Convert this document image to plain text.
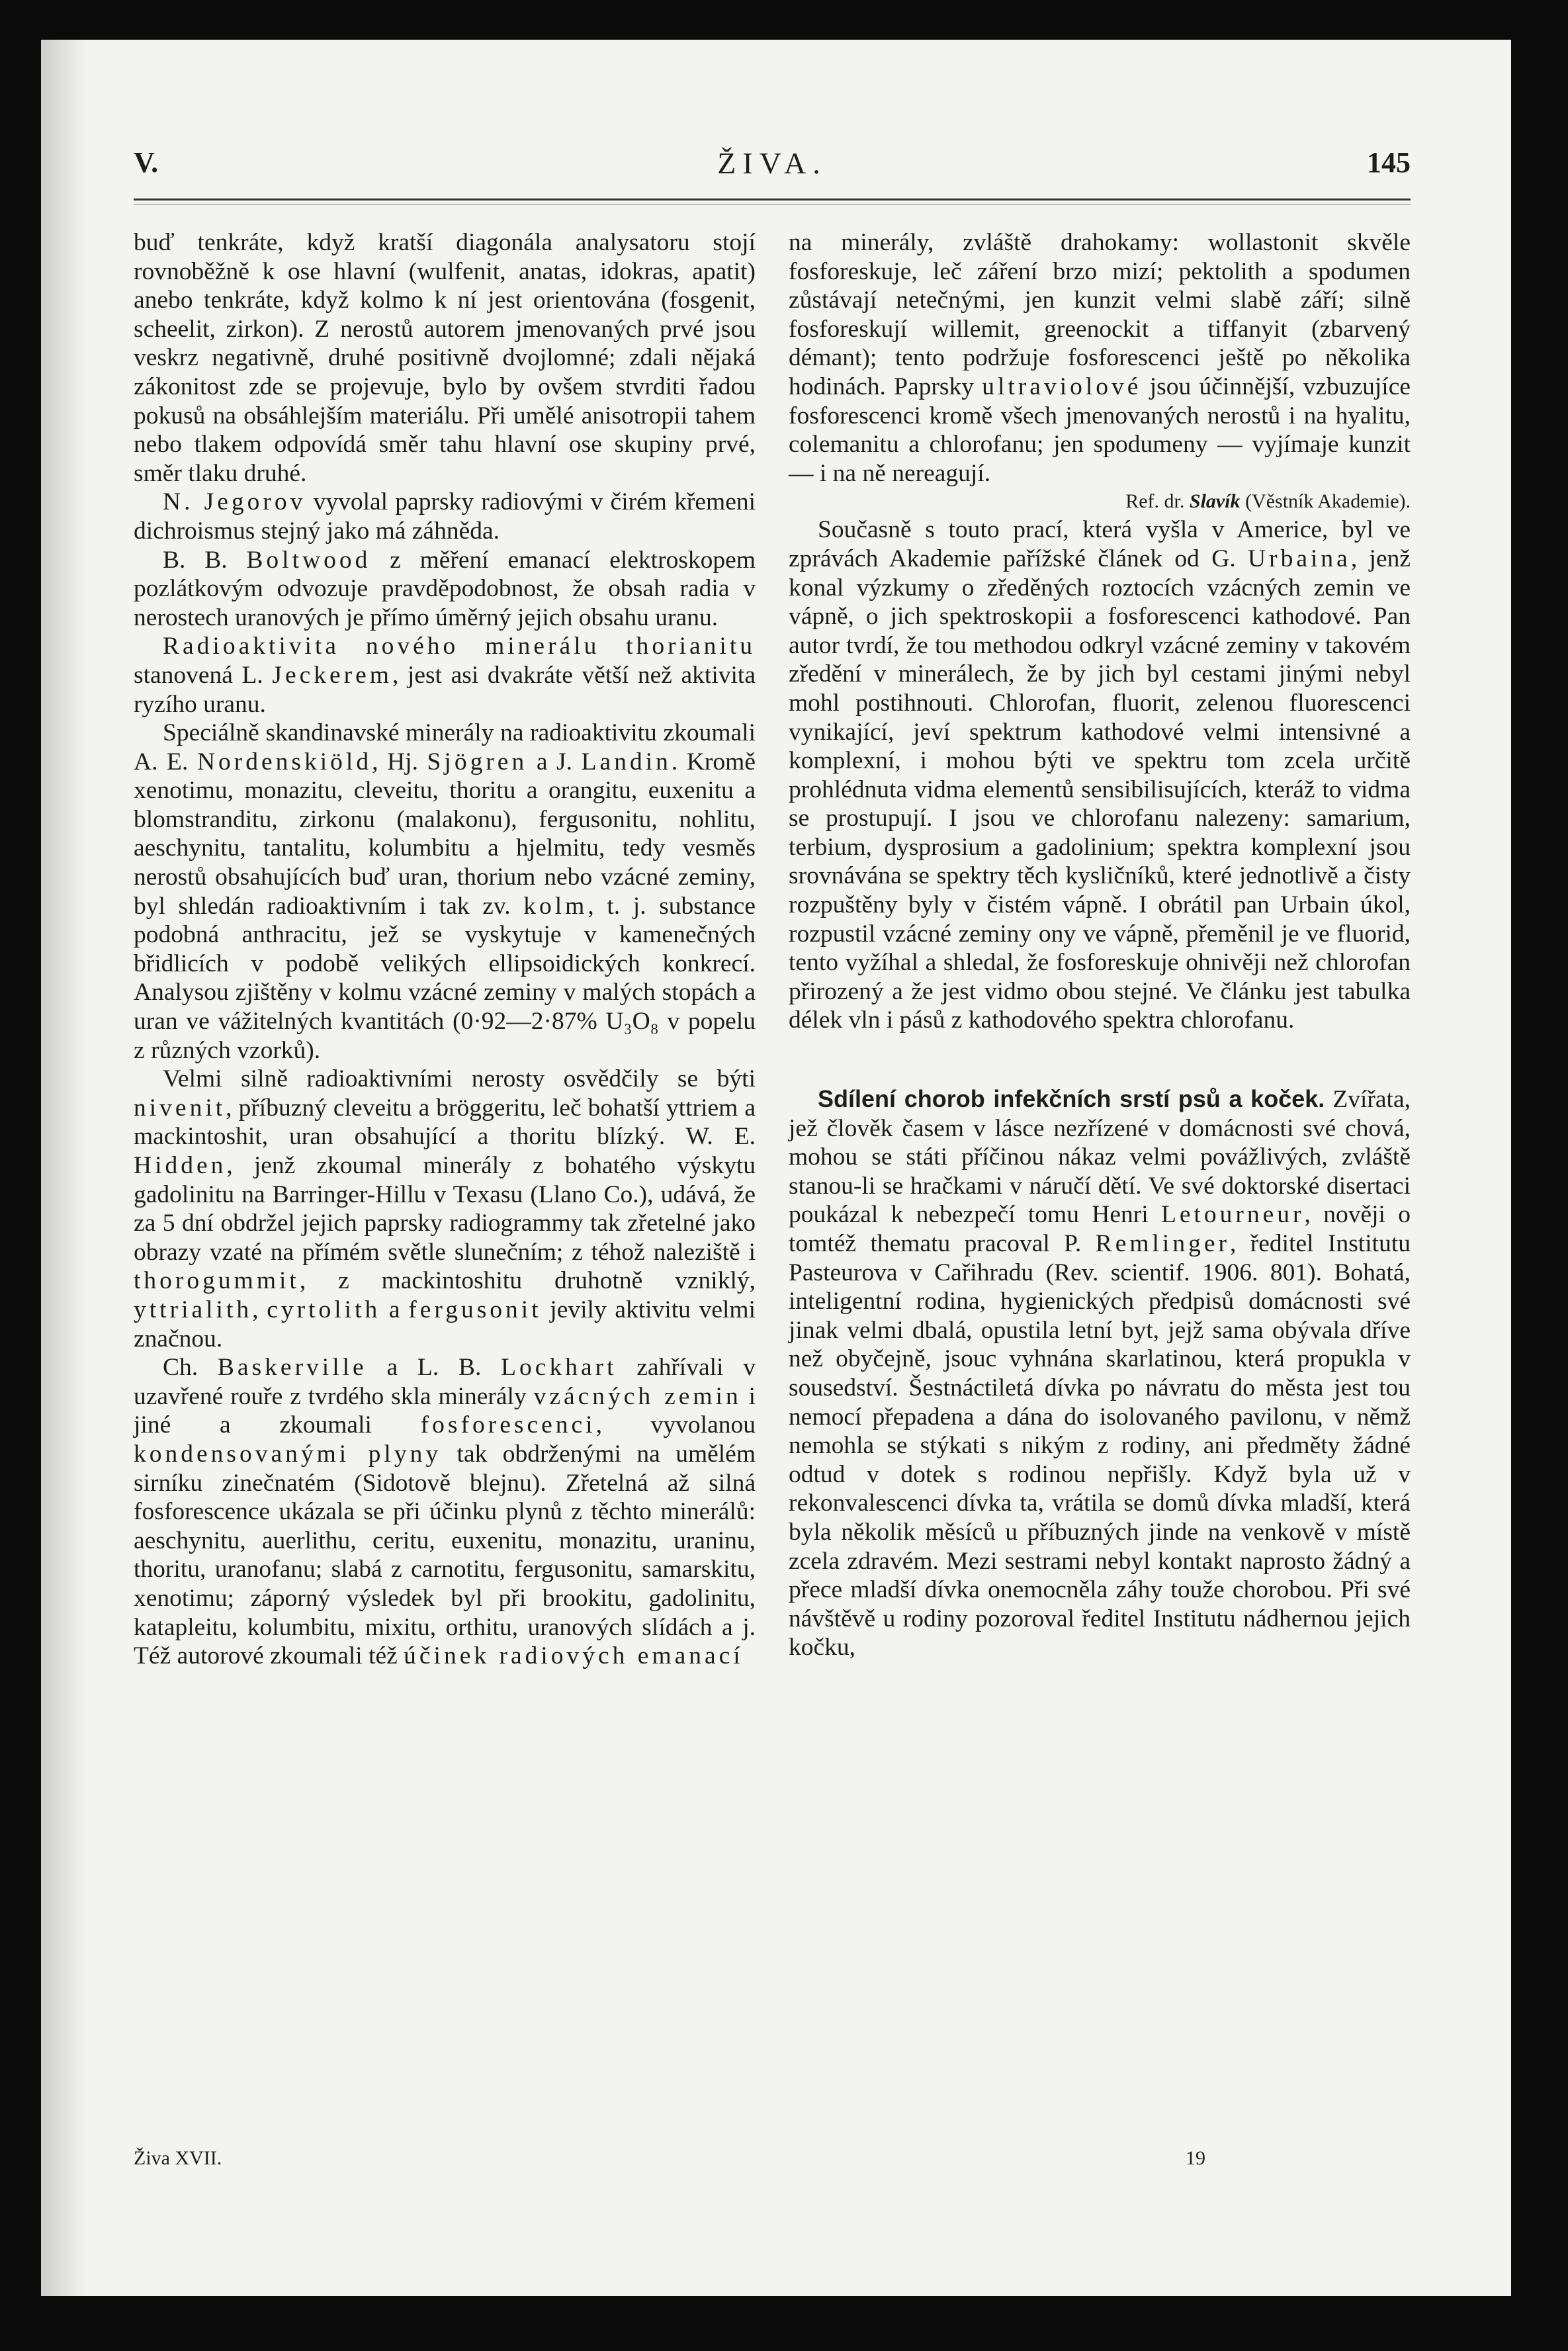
V.	ŽIVA.	145

buď tenkráte, když kratší diagonála analysatoru stojí rovnoběžně k ose hlavní (wulfenit, anatas, idokras, apatit) anebo tenkráte, když kolmo k ní jest orientována (fosgenit, scheelit, zirkon). Z nerostů autorem jmenovaných prvé jsou veskrz negativně, druhé positivně dvojlomné; zdali nějaká zákonitost zde se projevuje, bylo by ovšem stvrditi řadou pokusů na obsáhlejším materiálu. Při umělé anisotropii tahem nebo tlakem odpovídá směr tahu hlavní ose skupiny prvé, směr tlaku druhé.

N. Jegorov vyvolal paprsky radiovými v čirém křemeni dichroismus stejný jako má záhněda.

B. B. Boltwood z měření emanací elektroskopem pozlátkovým odvozuje pravděpodobnost, že obsah radia v nerostech uranových je přímo úměrný jejich obsahu uranu.

Radioaktivita nového minerálu thorianitu stanovená L. Jeckerem, jest asi dvakráte větší než aktivita ryzího uranu.

Speciálně skandinavské minerály na radioaktivitu zkoumali A. E. Nordenskiöld, Hj. Sjögren a J. Landin. Kromě xenotimu, monazitu, cleveitu, thoritu a orangitu, euxenitu a blomstranditu, zirkonu (malakonu), fergusonitu, nohlitu, aeschynitu, tantalitu, kolumbitu a hjelmitu, tedy vesměs nerostů obsahujících buď uran, thorium nebo vzácné zeminy, byl shledán radioaktivním i tak zv. kolm, t. j. substance podobná anthracitu, jež se vyskytuje v kamenečných břidlicích v podobě velikých ellipsoidických konkrecí. Analysou zjištěny v kolmu vzácné zeminy v malých stopách a uran ve vážitelných kvantitách (0·92—2·87% U₃O₈ v popelu z různých vzorků).

Velmi silně radioaktivními nerosty osvědčily se býti nivenit, příbuzný cleveitu a bröggeritu, leč bohatší yttriem a mackintoshit, uran obsahující a thoritu blízký. W. E. Hidden, jenž zkoumal minerály z bohatého výskytu gadolinitu na Barringer-Hillu v Texasu (Llano Co.), udává, že za 5 dní obdržel jejich paprsky radiogrammy tak zřetelné jako obrazy vzaté na přímém světle slunečním; z téhož naleziště i thorogummit, z mackintoshitu druhotně vzniklý, yttrialith, cyrtolith a fergusonit jevily aktivitu velmi značnou.

Ch. Baskerville a L. B. Lockhart zahřívali v uzavřené rouře z tvrdého skla minerály vzácných zemin i jiné a zkoumali fosforescenci, vyvolanou kondensovanými plyny tak obdrženými na umělém sirníku zinečnatém (Sidotově blejnu). Zřetelná až silná fosforescence ukázala se při účinku plynů z těchto minerálů: aeschynitu, auerlithu, ceritu, euxenitu, monazitu, uraninu, thoritu, uranofanu; slabá z carnotitu, fergusonitu, samarskitu, xenotimu; záporný výsledek byl při brookitu, gadolinitu, katapleitu, kolumbitu, mixitu, orthitu, uranových slídách a j. Též autorové zkoumali též účinek radiových emanací

na minerály, zvláště drahokamy: wollastonit skvěle fosforeskuje, leč záření brzo mizí; pektolith a spodumen zůstávají netečnými, jen kunzit velmi slabě září; silně fosforeskují willemit, greenockit a tiffanyit (zbarvený démant); tento podržuje fosforescenci ještě po několika hodinách. Paprsky ultraviolové jsou účinnější, vzbuzujíce fosforescenci kromě všech jmenovaných nerostů i na hyalitu, colemanitu a chlorofanu; jen spodumeny — vyjímaje kunzit — i na ně nereagují.

Ref. dr. Slavík (Věstník Akademie).

Současně s touto prací, která vyšla v Americe, byl ve zprávách Akademie pařížské článek od G. Urbaina, jenž konal výzkumy o zředěných roztocích vzácných zemin ve vápně, o jich spektroskopii a fosforescenci kathodové. Pan autor tvrdí, že tou methodou odkryl vzácné zeminy v takovém zředění v minerálech, že by jich byl cestami jinými nebyl mohl postihnouti. Chlorofan, fluorit, zelenou fluorescenci vynikající, jeví spektrum kathodové velmi intensivné a komplexní, i mohou býti ve spektru tom zcela určitě prohlédnuta vidma elementů sensibilisujících, kteráž to vidma se prostupují. I jsou ve chlorofanu nalezeny: samarium, terbium, dysprosium a gadolinium; spektra komplexní jsou srovnávána se spektry těch kysličníků, které jednotlivě a čisty rozpuštěny byly v čistém vápně. I obrátil pan Urbain úkol, rozpustil vzácné zeminy ony ve vápně, přeměnil je ve fluorid, tento vyžíhal a shledal, že fosforeskuje ohnivěji než chlorofan přirozený a že jest vidmo obou stejné. Ve článku jest tabulka délek vln i pásů z kathodového spektra chlorofanu.

Sdílení chorob infekčních srstí psů a koček. Zvířata, jež člověk časem v lásce nezřízené v domácnosti své chová, mohou se státi příčinou nákaz velmi povážlivých, zvláště stanou-li se hračkami v náručí dětí. Ve své doktorské disertaci poukázal k nebezpečí tomu Henri Letourneur, nověji o tomtéž thematu pracoval P. Remlinger, ředitel Institutu Pasteurova v Cařihradu (Rev. scientif. 1906. 801). Bohatá, inteligentní rodina, hygienických předpisů domácnosti své jinak velmi dbalá, opustila letní byt, jejž sama obývala dříve než obyčejně, jsouc vyhnána skarlatinou, která propukla v sousedství. Šestnáctiletá dívka po návratu do města jest tou nemocí přepadena a dána do isolovaného pavilonu, v němž nemohla se stýkati s nikým z rodiny, ani předměty žádné odtud v dotek s rodinou nepřišly. Když byla už v rekonvalescenci dívka ta, vrátila se domů dívka mladší, která byla několik měsíců u příbuzných jinde na venkově v místě zcela zdravém. Mezi sestrami nebyl kontakt naprosto žádný a přece mladší dívka onemocněla záhy touže chorobou. Při své návštěvě u rodiny pozoroval ředitel Institutu nádhernou jejich kočku,

Živa XVII.	19
